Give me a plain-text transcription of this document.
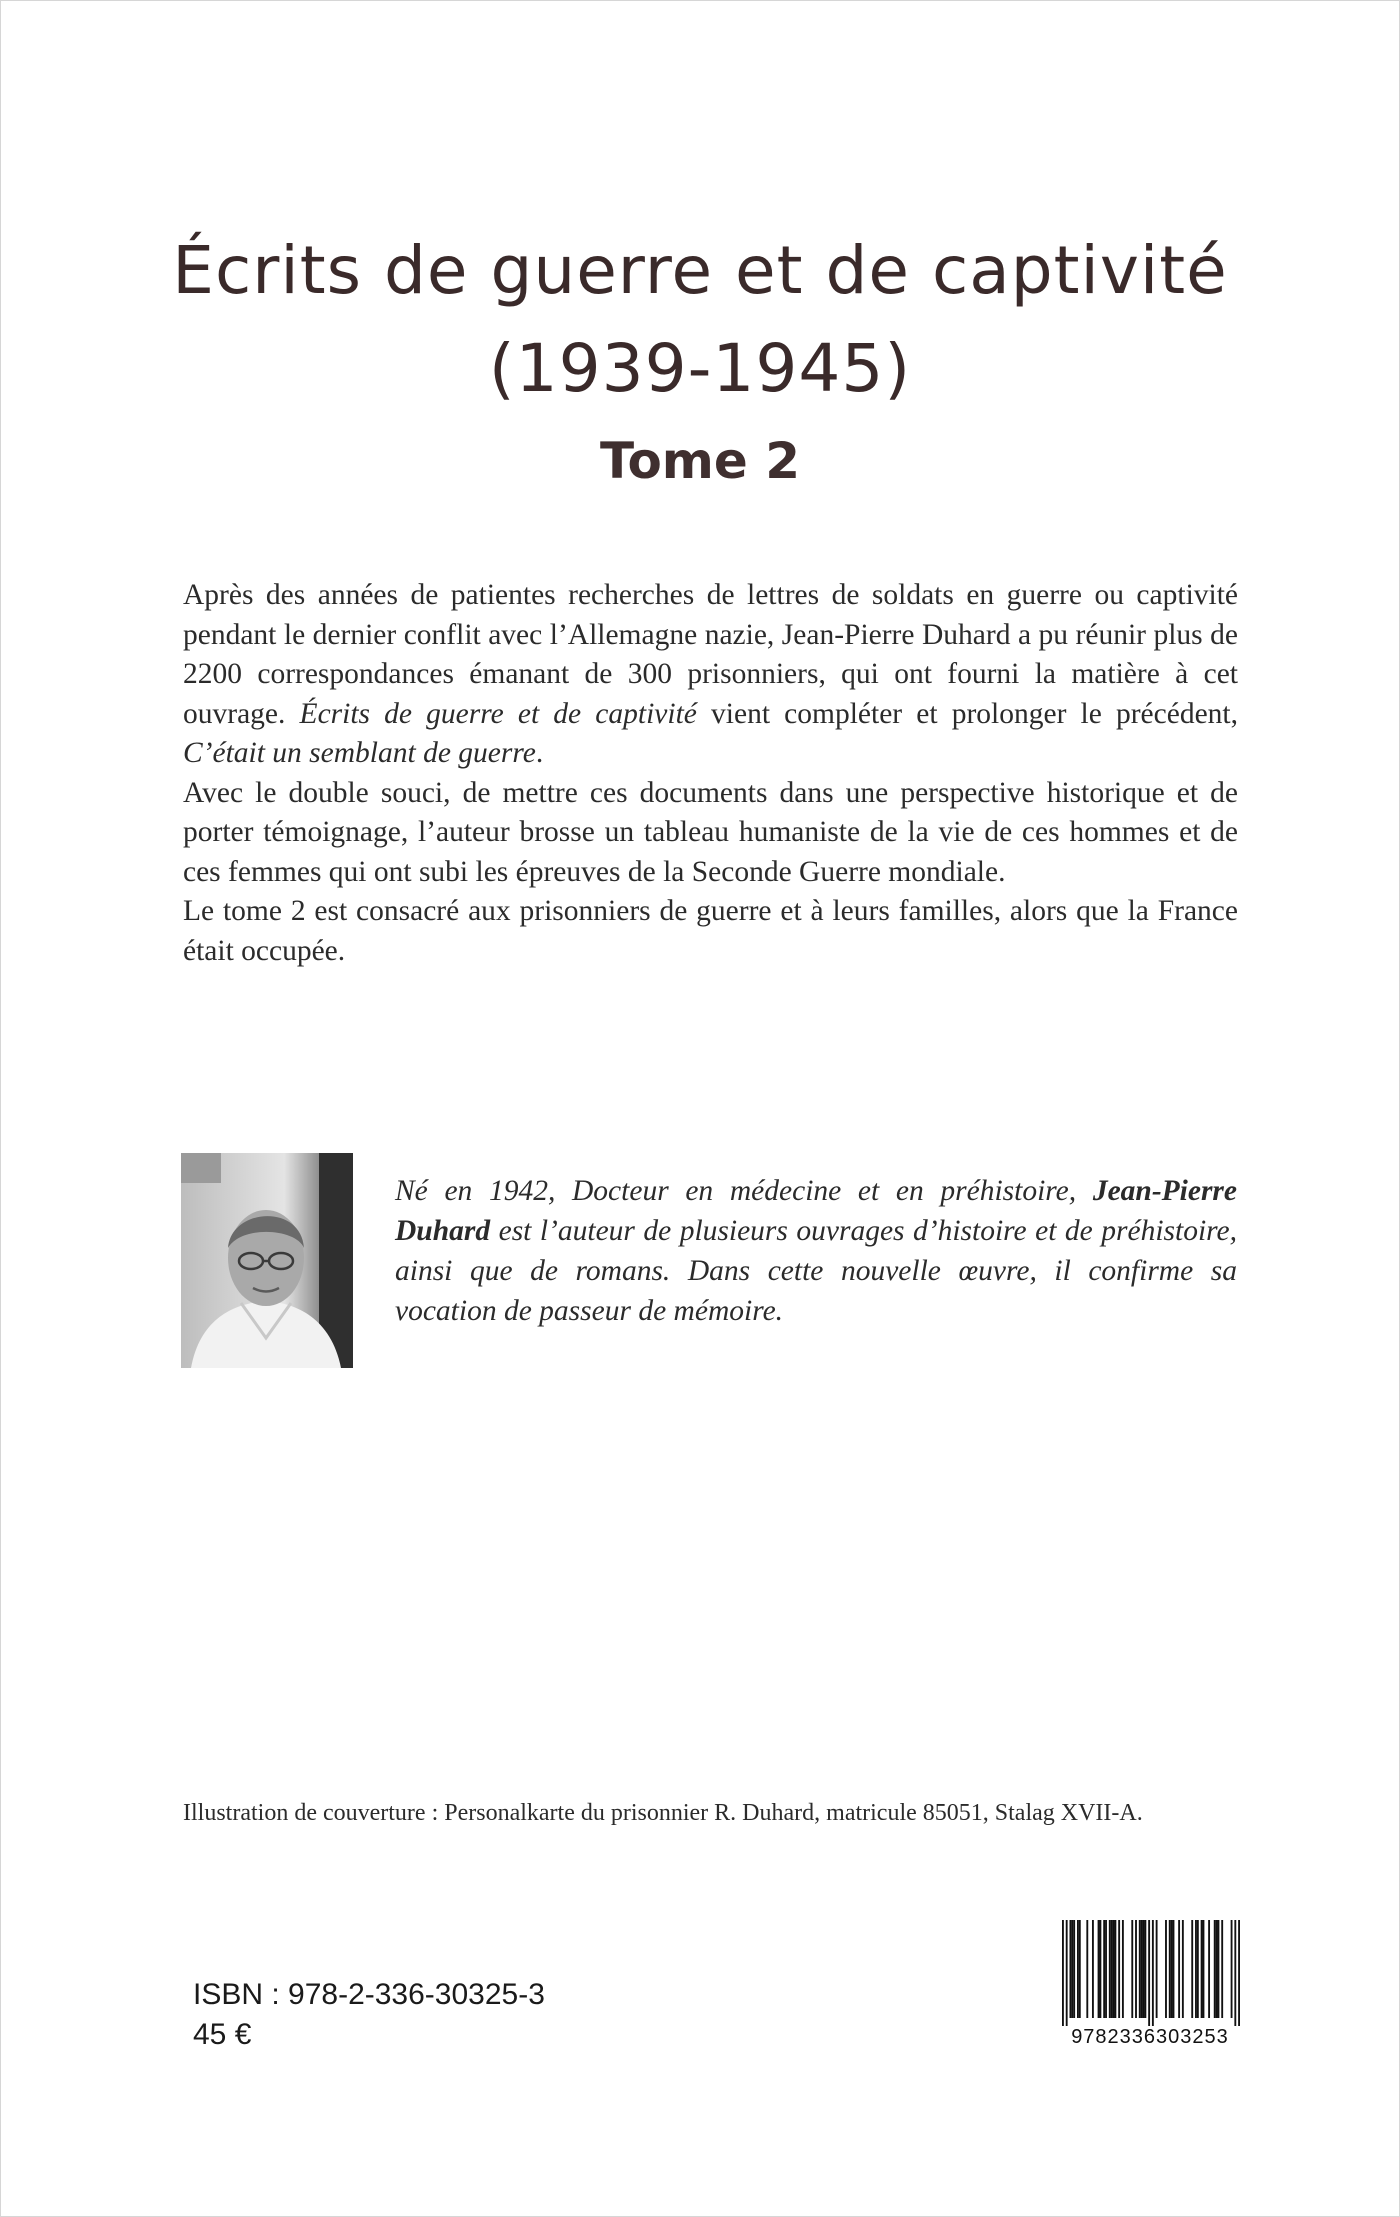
Écrits de guerre et de captivité
(1939-1945)
Tome 2

Après des années de patientes recherches de lettres de soldats en guerre ou captivité pendant le dernier conflit avec l’Allemagne nazie, Jean-Pierre Duhard a pu réunir plus de 2200 correspondances émanant de 300 prisonniers, qui ont fourni la matière à cet ouvrage. Écrits de guerre et de captivité vient compléter et prolonger le précédent, C’était un semblant de guerre.

Avec le double souci, de mettre ces documents dans une perspective historique et de porter témoignage, l’auteur brosse un tableau humaniste de la vie de ces hommes et de ces femmes qui ont subi les épreuves de la Seconde Guerre mondiale.

Le tome 2 est consacré aux prisonniers de guerre et à leurs familles, alors que la France était occupée.

Né en 1942, Docteur en médecine et en préhistoire, Jean-Pierre Duhard est l’auteur de plusieurs ouvrages d’histoire et de préhistoire, ainsi que de romans. Dans cette nouvelle œuvre, il confirme sa vocation de passeur de mémoire.
Illustration de couverture : Personalkarte du prisonnier R. Duhard, matricule 85051, Stalag XVII-A.
ISBN : 978-2-336-30325-3
45 €	9782336303253
